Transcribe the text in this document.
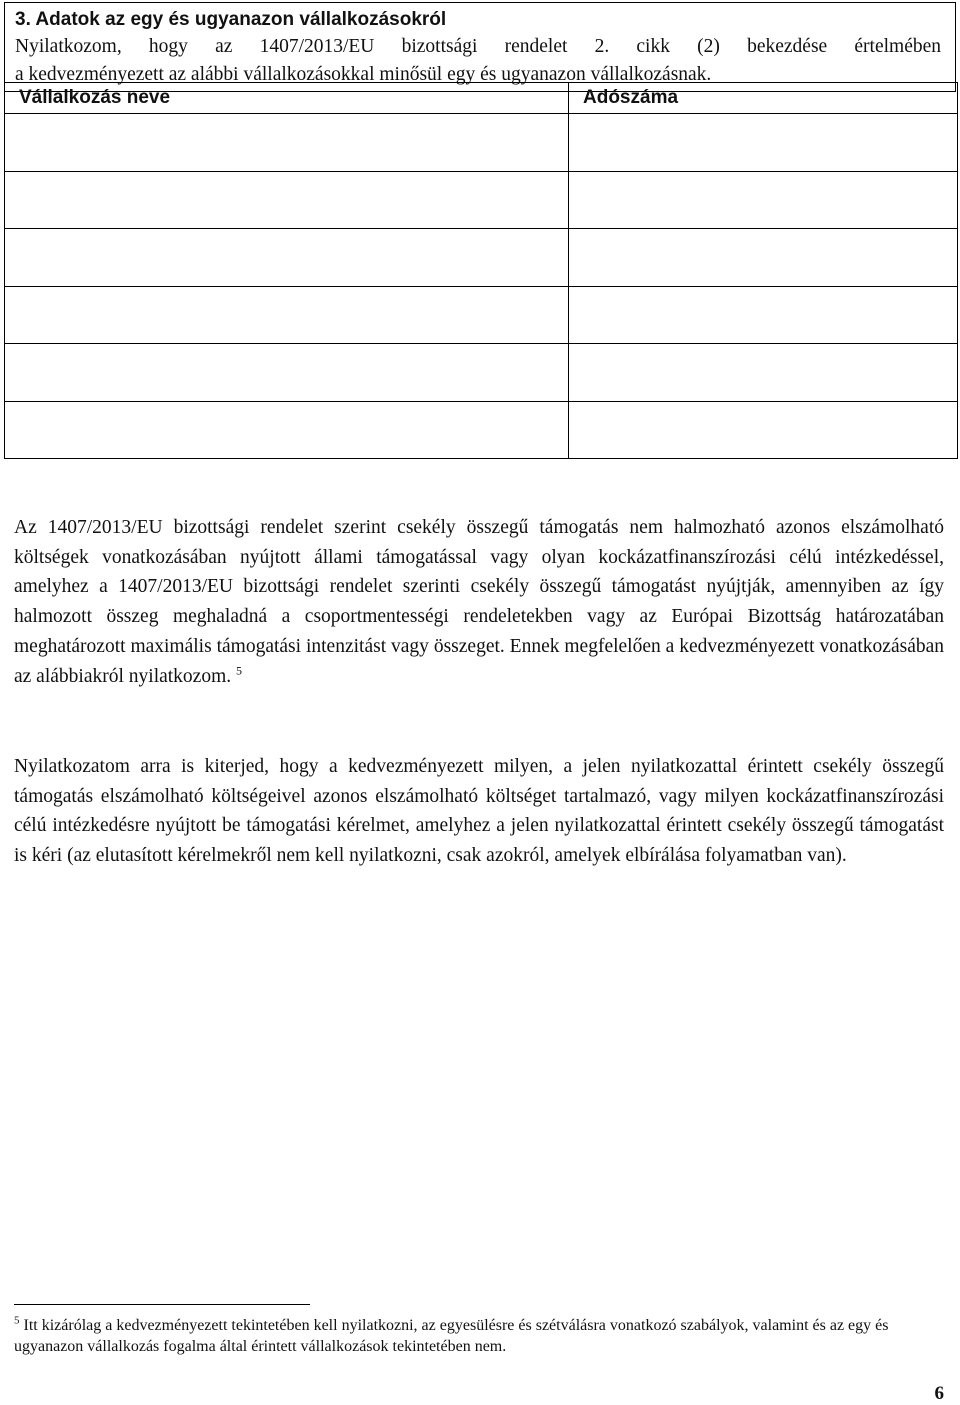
3. Adatok az egy és ugyanazon vállalkozásokról

Nyilatkozom, hogy az 1407/2013/EU bizottsági rendelet 2. cikk (2) bekezdése értelmében

a kedvezményezett az alábbi vállalkozásokkal minősül egy és ugyanazon vállalkozásnak.

Vállalkozás neve	Adószáma

Az 1407/2013/EU bizottsági rendelet szerint csekély összegű támogatás nem halmozható azonos elszámolható költségek vonatkozásában nyújtott állami támogatással vagy olyan kockázatfinanszírozási célú intézkedéssel, amelyhez a 1407/2013/EU bizottsági rendelet szerinti csekély összegű támogatást nyújtják, amennyiben az így halmozott összeg meghaladná a csoportmentességi rendeletekben vagy az Európai Bizottság határozatában meghatározott maximális támogatási intenzitást vagy összeget. Ennek megfelelően a kedvezményezett vonatkozásában az alábbiakról nyilatkozom. $^5$

Nyilatkozatom arra is kiterjed, hogy a kedvezményezett milyen, a jelen nyilatkozattal érintett csekély összegű támogatás elszámolható költségeivel azonos elszámolható költséget tartalmazó, vagy milyen kockázatfinanszírozási célú intézkedésre nyújtott be támogatási kérelmet, amelyhez a jelen nyilatkozattal érintett csekély összegű támogatást is kéri (az elutasított kérelmekről nem kell nyilatkozni, csak azokról, amelyek elbírálása folyamatban van).

$^5$ Itt kizárólag a kedvezményezett tekintetében kell nyilatkozni, az egyesülésre és szétválásra vonatkozó szabályok, valamint és az egy és ugyanazon vállalkozás fogalma által érintett vállalkozások tekintetében nem.

6
